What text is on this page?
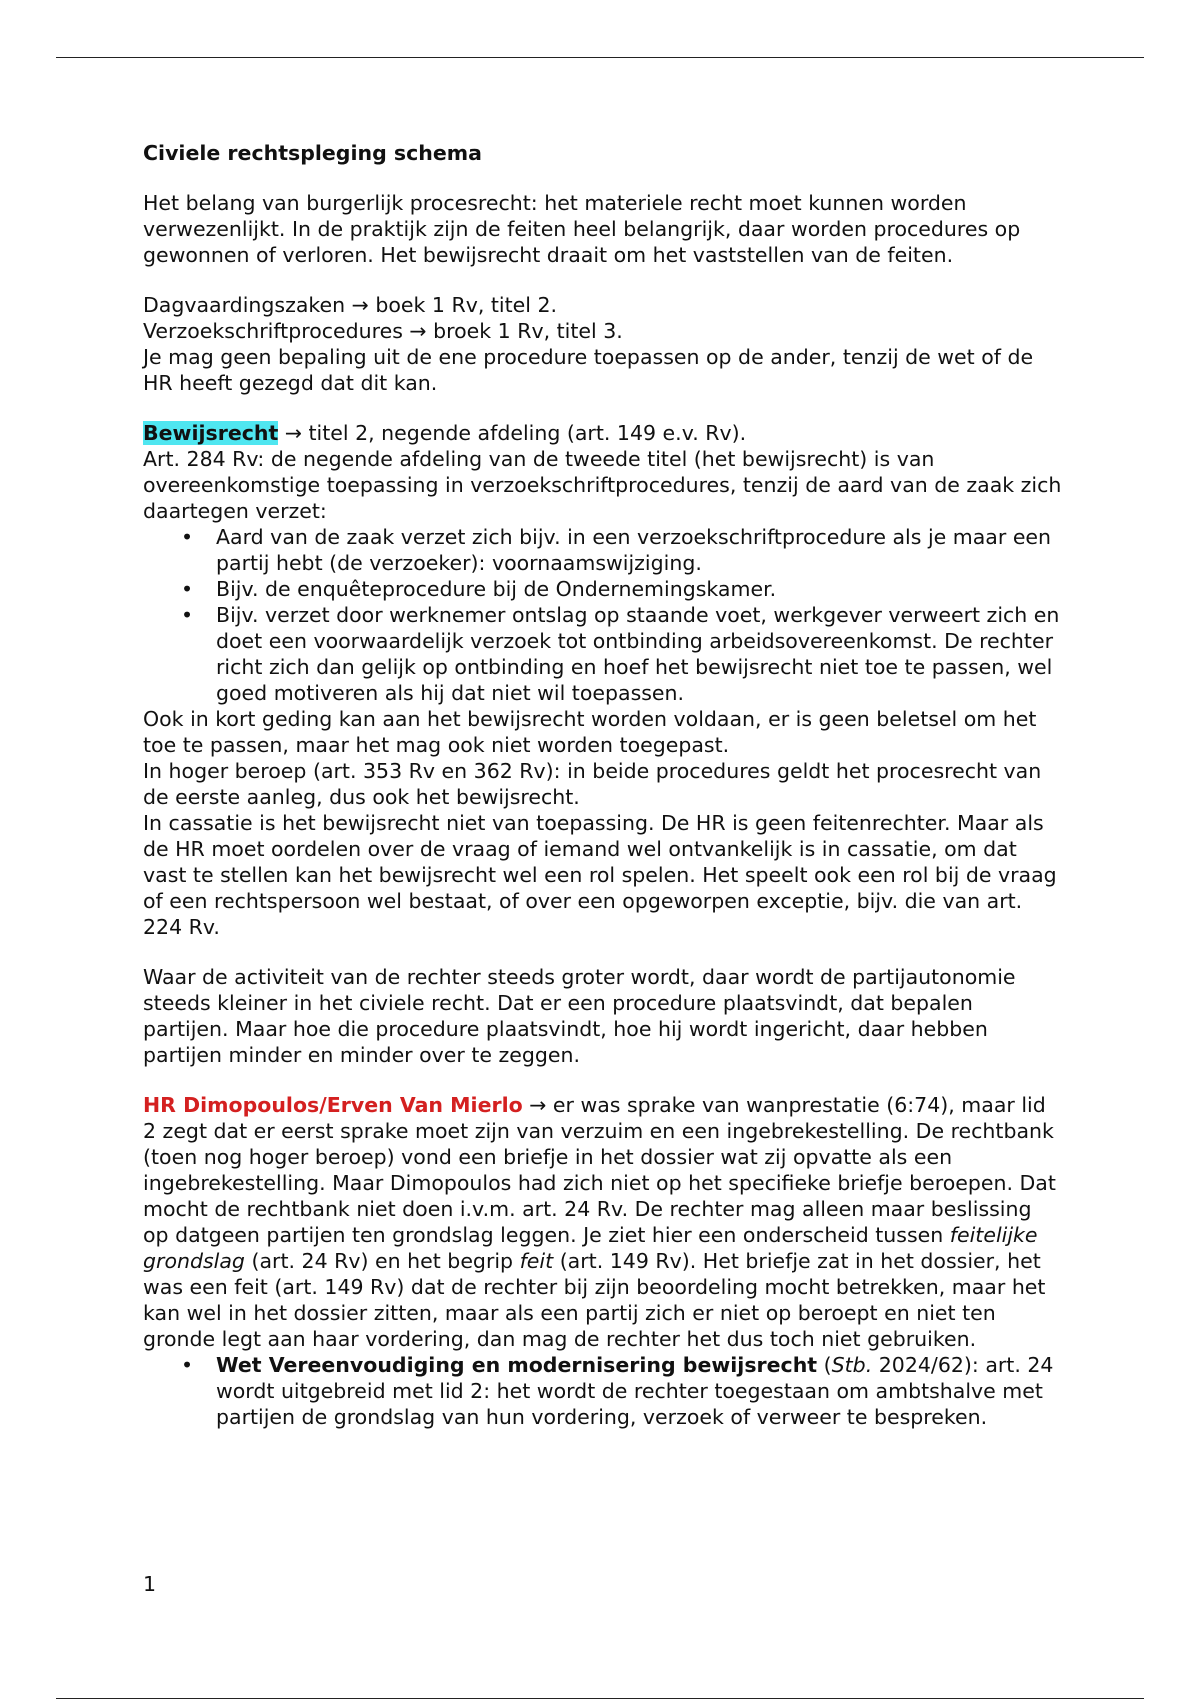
Civiele rechtspleging schema

Het belang van burgerlijk procesrecht: het materiele recht moet kunnen worden verwezenlijkt. In de praktijk zijn de feiten heel belangrijk, daar worden procedures op gewonnen of verloren. Het bewijsrecht draait om het vaststellen van de feiten.

Dagvaardingszaken → boek 1 Rv, titel 2.

Verzoekschriftprocedures → broek 1 Rv, titel 3.

Je mag geen bepaling uit de ene procedure toepassen op de ander, tenzij de wet of de HR heeft gezegd dat dit kan.

Bewijsrecht → titel 2, negende afdeling (art. 149 e.v. Rv).

Art. 284 Rv: de negende afdeling van de tweede titel (het bewijsrecht) is van overeenkomstige toepassing in verzoekschriftprocedures, tenzij de aard van de zaak zich daartegen verzet:

• Aard van de zaak verzet zich bijv. in een verzoekschriftprocedure als je maar een partij hebt (de verzoeker): voornaamswijziging.
• Bijv. de enquêteprocedure bij de Ondernemingskamer.
• Bijv. verzet door werknemer ontslag op staande voet, werkgever verweert zich en doet een voorwaardelijk verzoek tot ontbinding arbeidsovereenkomst. De rechter richt zich dan gelijk op ontbinding en hoef het bewijsrecht niet toe te passen, wel goed motiveren als hij dat niet wil toepassen.

Ook in kort geding kan aan het bewijsrecht worden voldaan, er is geen beletsel om het toe te passen, maar het mag ook niet worden toegepast.

In hoger beroep (art. 353 Rv en 362 Rv): in beide procedures geldt het procesrecht van de eerste aanleg, dus ook het bewijsrecht.

In cassatie is het bewijsrecht niet van toepassing. De HR is geen feitenrechter. Maar als de HR moet oordelen over de vraag of iemand wel ontvankelijk is in cassatie, om dat vast te stellen kan het bewijsrecht wel een rol spelen. Het speelt ook een rol bij de vraag of een rechtspersoon wel bestaat, of over een opgeworpen exceptie, bijv. die van art. 224 Rv.

Waar de activiteit van de rechter steeds groter wordt, daar wordt de partijautonomie steeds kleiner in het civiele recht. Dat er een procedure plaatsvindt, dat bepalen partijen. Maar hoe die procedure plaatsvindt, hoe hij wordt ingericht, daar hebben partijen minder en minder over te zeggen.

HR Dimopoulos/Erven Van Mierlo → er was sprake van wanprestatie (6:74), maar lid 2 zegt dat er eerst sprake moet zijn van verzuim en een ingebrekestelling. De rechtbank (toen nog hoger beroep) vond een briefje in het dossier wat zij opvatte als een ingebrekestelling. Maar Dimopoulos had zich niet op het specifieke briefje beroepen. Dat mocht de rechtbank niet doen i.v.m. art. 24 Rv. De rechter mag alleen maar beslissing op datgeen partijen ten grondslag leggen. Je ziet hier een onderscheid tussen feitelijke grondslag (art. 24 Rv) en het begrip feit (art. 149 Rv). Het briefje zat in het dossier, het was een feit (art. 149 Rv) dat de rechter bij zijn beoordeling mocht betrekken, maar het kan wel in het dossier zitten, maar als een partij zich er niet op beroept en niet ten gronde legt aan haar vordering, dan mag de rechter het dus toch niet gebruiken.

• Wet Vereenvoudiging en modernisering bewijsrecht (Stb. 2024/62): art. 24 wordt uitgebreid met lid 2: het wordt de rechter toegestaan om ambtshalve met partijen de grondslag van hun vordering, verzoek of verweer te bespreken.
1
